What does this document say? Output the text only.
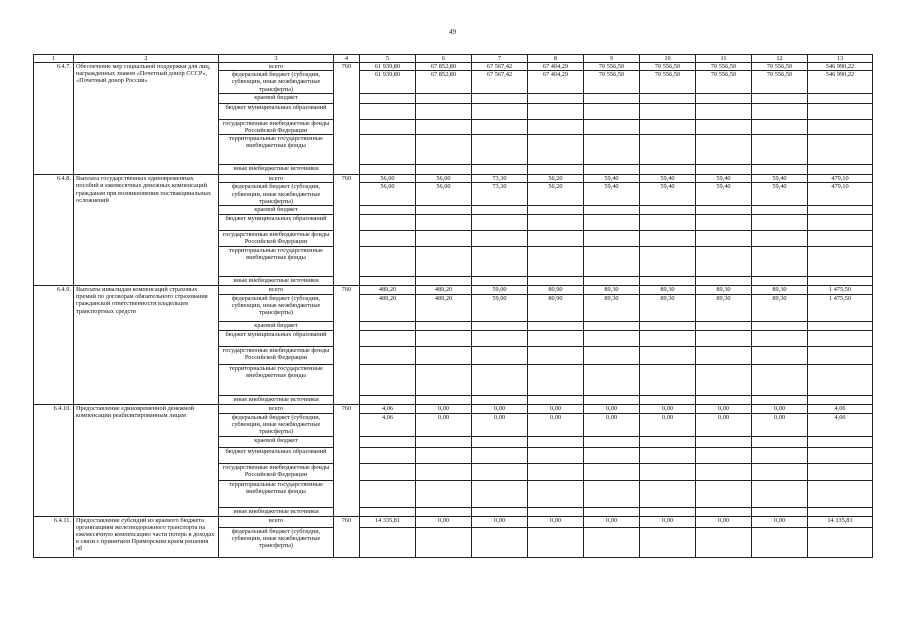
49
1	2	3	4	5	6	7	8	9	10	11	12	13
6.4.7.	Обеспечение мер социальной поддержки для лиц, награжденных знаком «Почетный донор СССР», «Почетный донор России»	всего	760	61 939,80	67 852,80	67 567,42	67 404,29	70 556,50	70 556,50	70 556,50	70 556,50	546 990,22
		федеральный бюджет (субсидии, субвенции, иные межбюджетные трансферты)		61 939,80	67 852,80	67 567,42	67 404,29	70 556,50	70 556,50	70 556,50	70 556,50	546 990,22
		краевой бюджет										
		бюджет муниципальных образований										
		государственные внебюджетные фонды Российской Федерации										
		территориальные государственные внебюджетные фонды										
		иные внебюджетные источники										
6.4.8.	Выплата государственных единовременных пособий и ежемесячных денежных компенсаций гражданам при возникновении поствакцинальных осложнений	всего	760	56,00	56,00	73,30	56,20	59,40	59,40	59,40	59,40	479,10
		федеральный бюджет (субсидии, субвенции, иные межбюджетные трансферты)		56,00	56,00	73,30	56,20	59,40	59,40	59,40	59,40	479,10
		краевой бюджет										
		бюджет муниципальных образований										
		государственные внебюджетные фонды Российской Федерации										
		территориальные государственные внебюджетные фонды										
		иные внебюджетные источники										
6.4.9.	Выплаты инвалидам компенсаций страховых премий по договорам обязательного страхования гражданской ответственности владельцев транспортных средств	всего	760	489,20	489,20	59,00	80,90	89,30	89,30	89,30	89,30	1 475,50
		федеральный бюджет (субсидии, субвенции, иные межбюджетные трансферты)		489,20	489,20	59,00	80,90	89,30	89,30	89,30	89,30	1 475,50
		краевой бюджет										
		бюджет муниципальных образований										
		государственные внебюджетные фонды Российской Федерации										
		территориальные государственные внебюджетные фонды										
		иные внебюджетные источники										
6.4.10.	Предоставление единовременной денежной компенсации реабилитированным лицам	всего	760	4,06	0,00	0,00	0,00	0,00	0,00	0,00	0,00	4,06
		федеральный бюджет (субсидии, субвенции, иные межбюджетные трансферты)		4,06	0,00	0,00	0,00	0,00	0,00	0,00	0,00	4,06
		краевой бюджет										
		бюджет муниципальных образований										
		государственные внебюджетные фонды Российской Федерации										
		территориальные государственные внебюджетные фонды										
		иные внебюджетные источники										
6.4.11.	Предоставление субсидий из краевого бюджета организациям железнодорожного транспорта на ежемесячную компенсацию части потерь в доходах в связи с принятием Приморским краем решения об	всего	760	14 335,81	0,00	0,00	0,00	0,00	0,00	0,00	0,00	14 335,81
		федеральный бюджет (субсидии, субвенции, иные межбюджетные трансферты)										
